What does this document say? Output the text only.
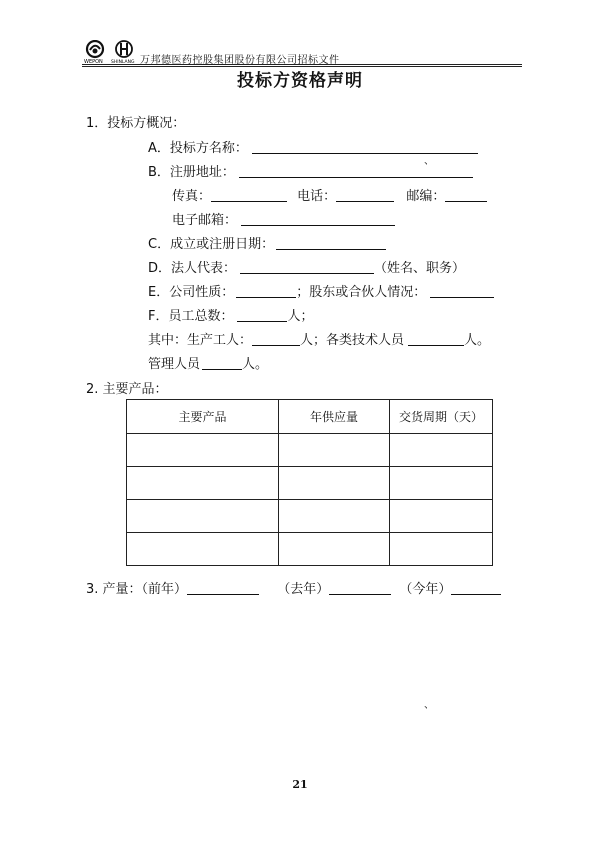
WEPON SHINLANG 万邦德医药控股集团股份有限公司招标文件
投标方资格声明
1．投标方概况：
A．投标方名称：
B．注册地址：
、
传真：	电话：	邮编：
电子邮箱：
C．成立或注册日期：
D．法人代表：	（姓名、职务）
E．公司性质：	；股东或合伙人情况：
F．员工总数：	人；
其中：生产工人：	人；各类技术人员	人。
管理人员	人。
2. 主要产品：
主要产品	年供应量	交货周期（天）

3. 产量：（前年）	（去年）	（今年）
、
21
